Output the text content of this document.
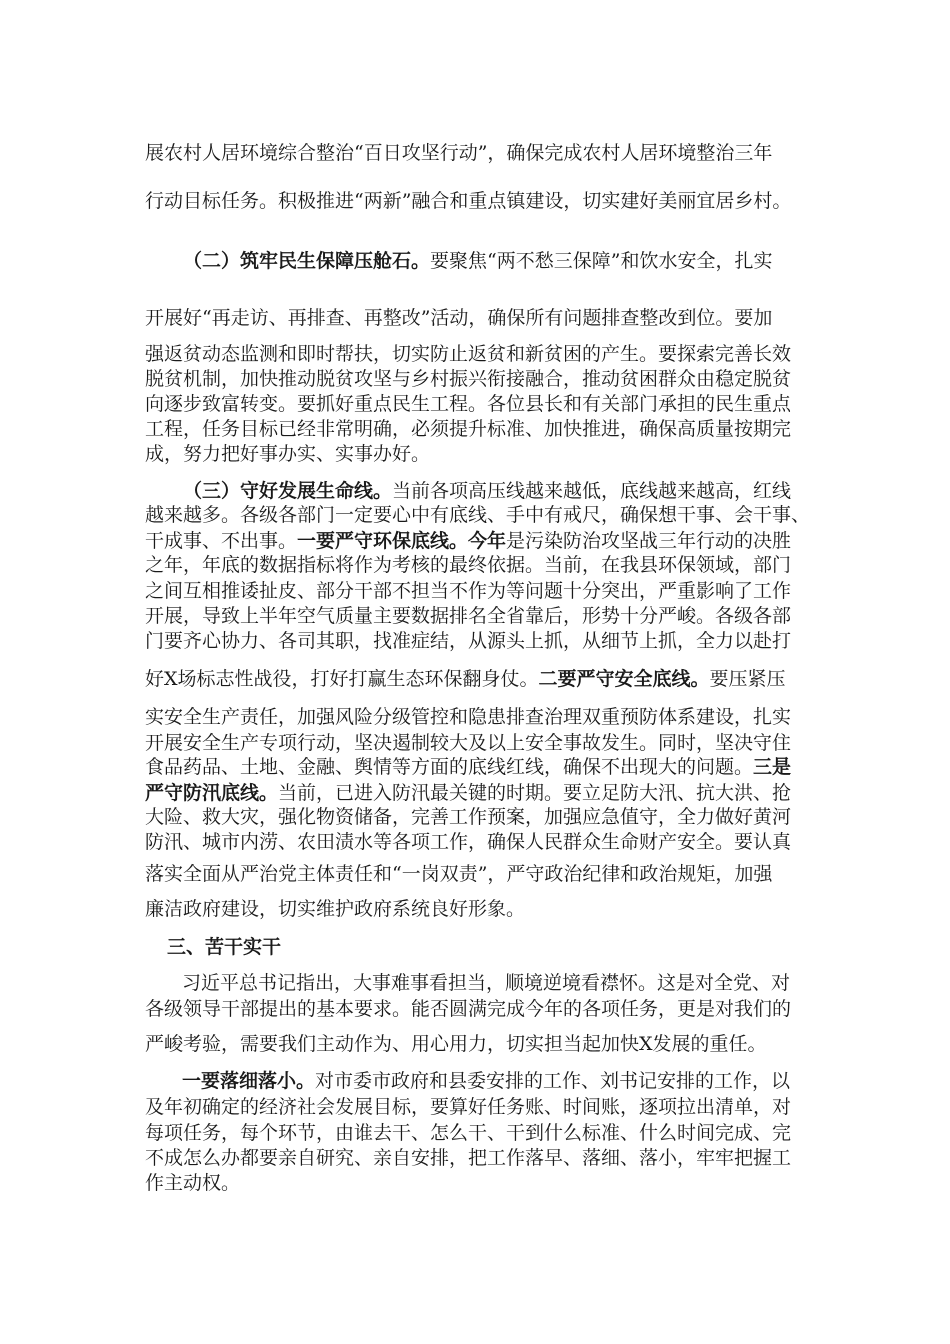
展农村人居环境综合整治“百日攻坚行动”，确保完成农村人居环境整治三年
行动目标任务。积极推进“两新”融合和重点镇建设，切实建好美丽宜居乡村。
（二）筑牢民生保障压舱石。要聚焦“两不愁三保障”和饮水安全，扎实
开展好“再走访、再排查、再整改”活动，确保所有问题排查整改到位。要加
强返贫动态监测和即时帮扶，切实防止返贫和新贫困的产生。要探索完善长效
脱贫机制，加快推动脱贫攻坚与乡村振兴衔接融合，推动贫困群众由稳定脱贫
向逐步致富转变。要抓好重点民生工程。各位县长和有关部门承担的民生重点
工程，任务目标已经非常明确，必须提升标准、加快推进，确保高质量按期完
成，努力把好事办实、实事办好。
（三）守好发展生命线。当前各项高压线越来越低，底线越来越高，红线
越来越多。各级各部门一定要心中有底线、手中有戒尺，确保想干事、会干事、
干成事、不出事。一要严守环保底线。今年是污染防治攻坚战三年行动的决胜
之年，年底的数据指标将作为考核的最终依据。当前，在我县环保领域，部门
之间互相推诿扯皮、部分干部不担当不作为等问题十分突出，严重影响了工作
开展，导致上半年空气质量主要数据排名全省靠后，形势十分严峻。各级各部
门要齐心协力、各司其职，找准症结，从源头上抓，从细节上抓，全力以赴打
好X场标志性战役，打好打赢生态环保翻身仗。二要严守安全底线。要压紧压
实安全生产责任，加强风险分级管控和隐患排查治理双重预防体系建设，扎实
开展安全生产专项行动，坚决遏制较大及以上安全事故发生。同时，坚决守住
食品药品、土地、金融、舆情等方面的底线红线，确保不出现大的问题。三是
严守防汛底线。当前，已进入防汛最关键的时期。要立足防大汛、抗大洪、抢
大险、救大灾，强化物资储备，完善工作预案，加强应急值守，全力做好黄河
防汛、城市内涝、农田渍水等各项工作，确保人民群众生命财产安全。要认真
落实全面从严治党主体责任和“一岗双责”，严守政治纪律和政治规矩，加强
廉洁政府建设，切实维护政府系统良好形象。
三、苦干实干
习近平总书记指出，大事难事看担当，顺境逆境看襟怀。这是对全党、对
各级领导干部提出的基本要求。能否圆满完成今年的各项任务，更是对我们的
严峻考验，需要我们主动作为、用心用力，切实担当起加快X发展的重任。
一要落细落小。对市委市政府和县委安排的工作、刘书记安排的工作，以
及年初确定的经济社会发展目标，要算好任务账、时间账，逐项拉出清单，对
每项任务，每个环节，由谁去干、怎么干、干到什么标准、什么时间完成、完
不成怎么办都要亲自研究、亲自安排，把工作落早、落细、落小，牢牢把握工
作主动权。
